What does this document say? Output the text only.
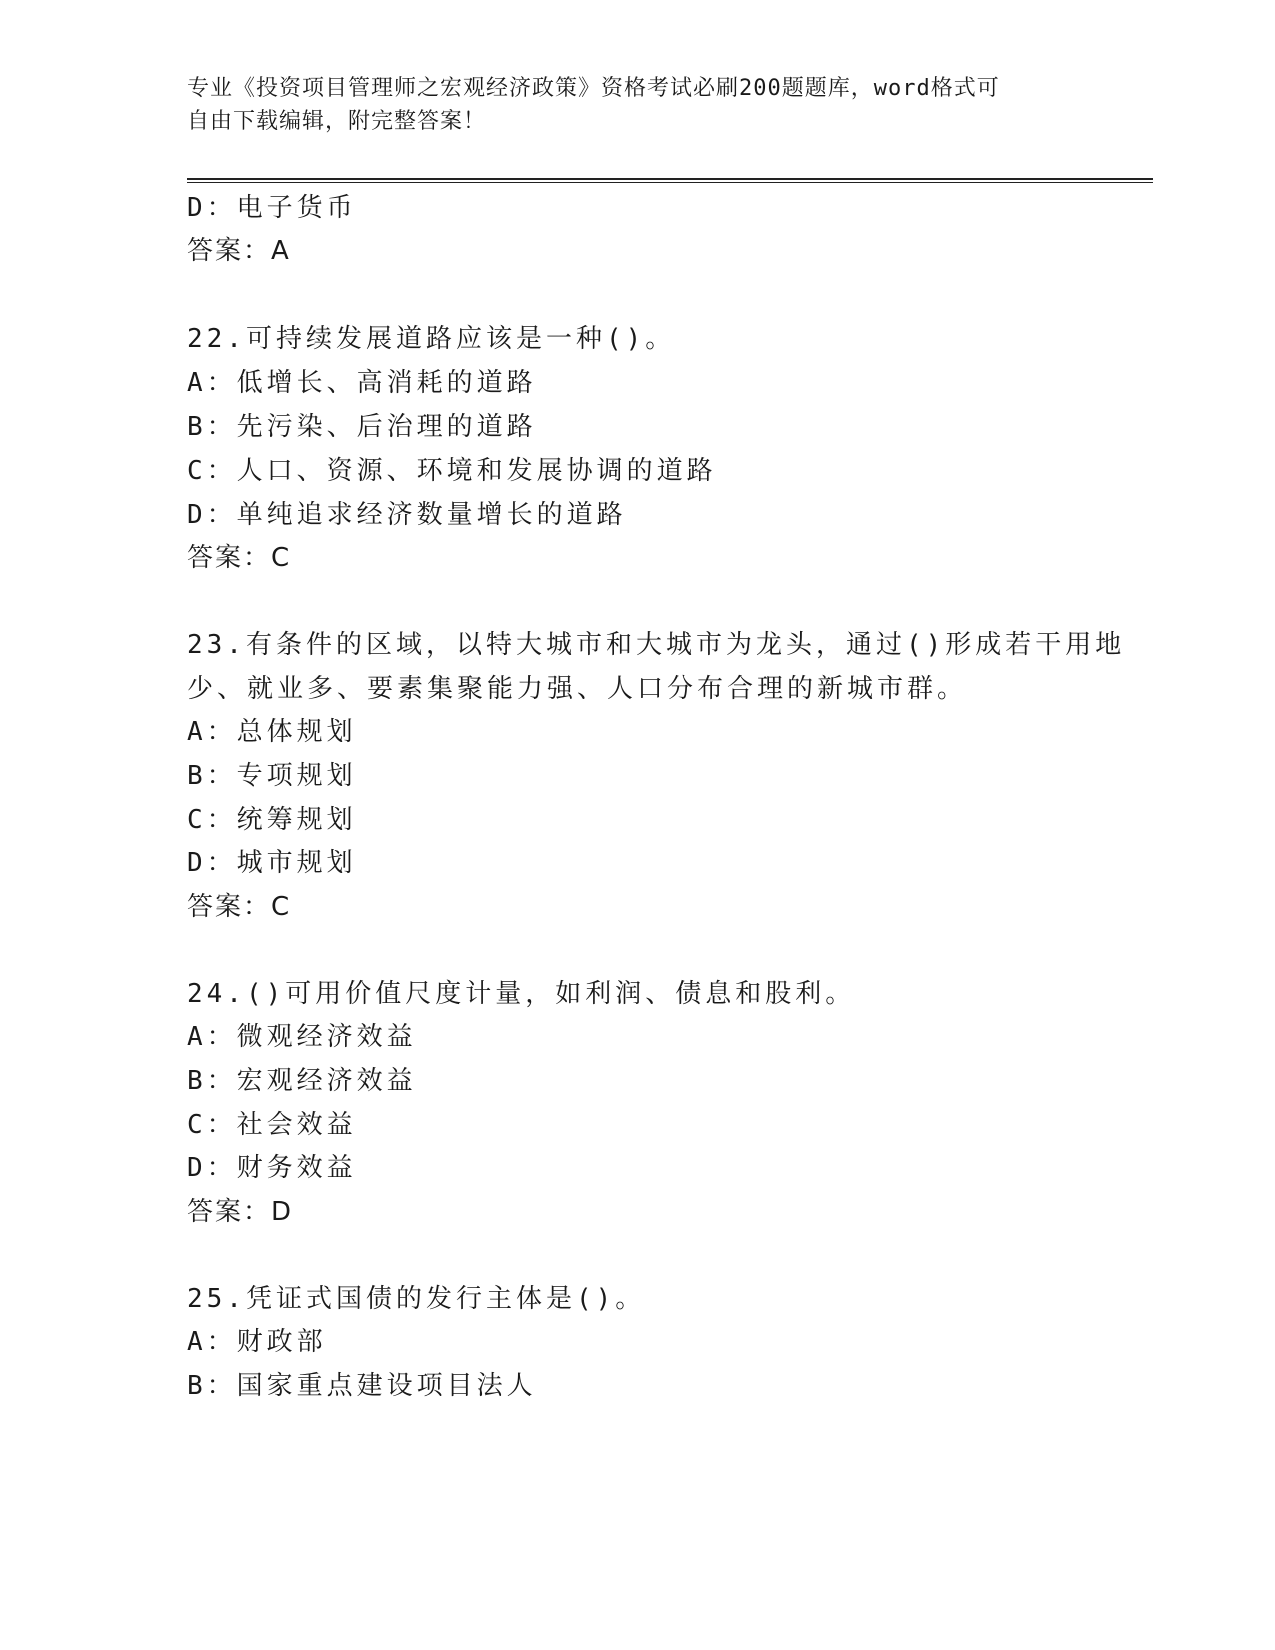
专业《投资项目管理师之宏观经济政策》资格考试必刷200题题库，word格式可
自由下载编辑，附完整答案！
D：电子货币
答案：A
22.可持续发展道路应该是一种()。
A：低增长、高消耗的道路
B：先污染、后治理的道路
C：人口、资源、环境和发展协调的道路
D：单纯追求经济数量增长的道路
答案：C
23.有条件的区域，以特大城市和大城市为龙头，通过()形成若干用地
少、就业多、要素集聚能力强、人口分布合理的新城市群。
A：总体规划
B：专项规划
C：统筹规划
D：城市规划
答案：C
24.()可用价值尺度计量，如利润、债息和股利。
A：微观经济效益
B：宏观经济效益
C：社会效益
D：财务效益
答案：D
25.凭证式国债的发行主体是()。
A：财政部
B：国家重点建设项目法人
